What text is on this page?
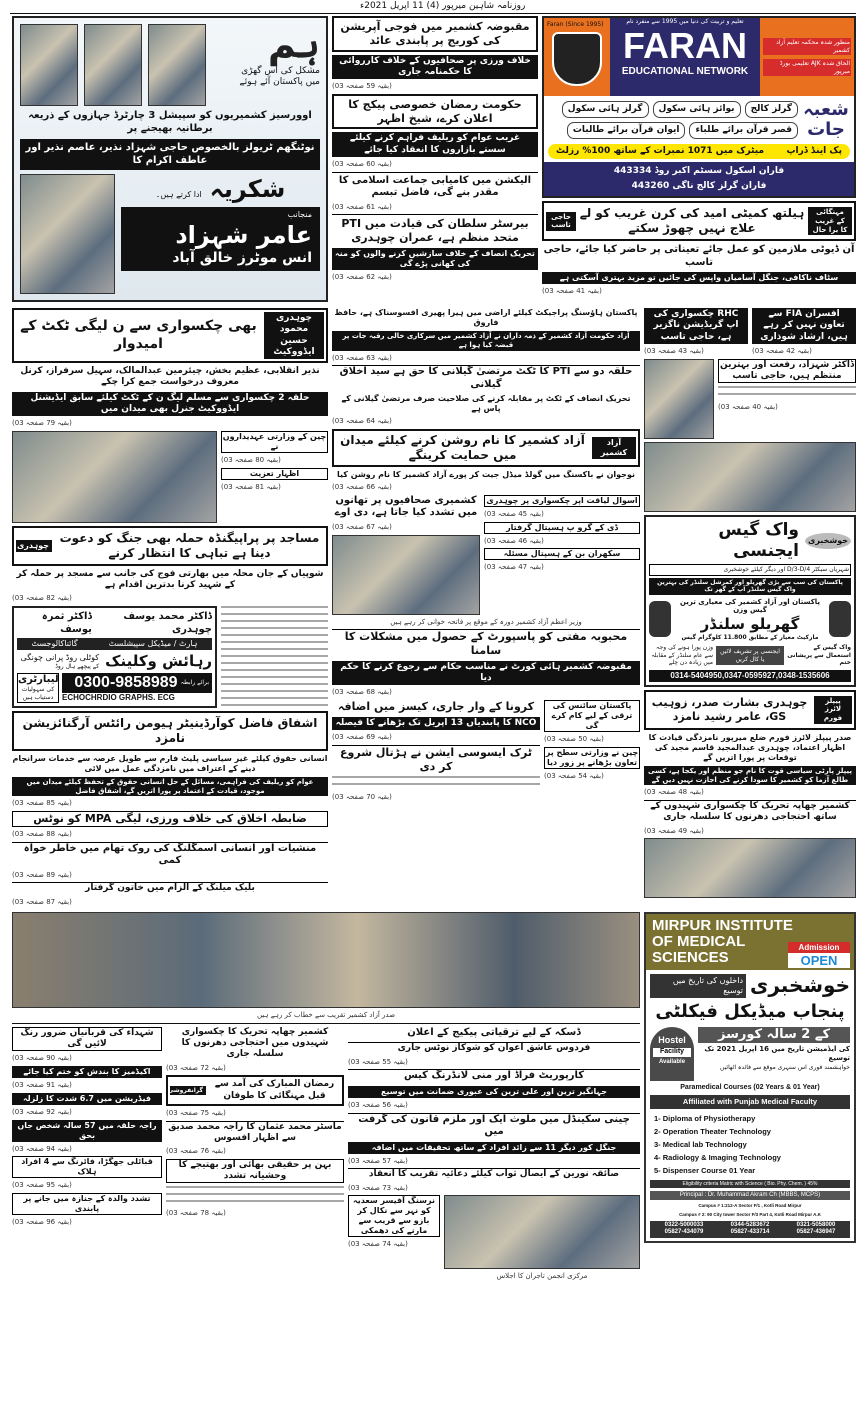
روزنامہ شاہین میرپور (4) 11 اپریل 2021ء
ہم
مشکل کی اس گھڑی
میں پاکستان آئے ہوئے
اوورسیز کشمیریوں کو سپیشل 3 چارٹرڈ جہازوں کے ذریعہ برطانیہ بھیجنے پر
نوٹنگھم ٹریولز بالخصوص حاجی شہزاد نذیر، عاصم نذیر اور عاطف اکرام کا
شکریہ
ادا کرتے ہیں۔
منجانب
عامر شہزاد
انس موٹرز خالق آباد
مقبوضہ کشمیر میں فوجی آپریشن کی کوریج پر پابندی عائد
خلاف ورزی پر صحافیوں کے خلاف کارروائی کا حکمنامہ جاری
(بقیہ 59 صفحہ 03)
حکومت رمضان خصوصی پیکج کا اعلان کرے، شیخ اظہر
غریب عوام کو ریلیف فراہم کرنے کیلئے سستے بازاروں کا انعقاد کیا جائے
(بقیہ 60 صفحہ 03)
الیکشن میں کامیابی جماعت اسلامی کا مقدر بنے گی، فاضل تبسم
(بقیہ 61 صفحہ 03)
بیرسٹر سلطان کی قیادت میں PTI متحد منظم ہے، عمران چوہدری
تحریک انصاف کے خلاف سازشیں کرنے والوں کو منہ کی کھانی پڑے گی
(بقیہ 62 صفحہ 03)
Faran (Since 1995)	تعلیم و تربیت کی دنیا میں 1995 سے منفرد نام
FARAN
EDUCATIONAL NETWORK
منظور شدہ محکمہ تعلیم آزاد کشمیر
الحاق شدہ AJK تعلیمی بورڈ میرپور
شعبہ جات
گرلز کالج
بوائز ہائی سکول
گرلز ہائی سکول
قصر قرآن برائے طلباء
ایوان قرآن برائے طالبات
پک اینڈ ڈراپ
میٹرک میں 1071 نمبرات کے ساتھ 100% رزلٹ
فاران اسکول سسٹم اکبر روڈ 443334
فاران گرلز کالج ناگی 443260
مہنگائی کے غریب کا برا حال
ہیلتھ کمیٹی امید کی کرن غریب کو لے علاج نہیں چھوڑ سکتے
حاجی تاسب
آن ڈیوٹی ملازمین کو عمل جائے تعیناتی پر حاضر کیا جائے، حاجی تاسب
سٹاف ناکافی، جنگل آسامیاں واپس کی جائیں تو مزید بہتری آسکتی ہے
(بقیہ 41 صفحہ 03)
چوہدری محمود حسین ایڈووکیٹ
بھی چکسواری سے ن لیگی ٹکٹ کے امیدوار
نذیر انقلابی، عظیم بخش، چیئرمین عبدالمالک، سہیل سرفراز، کرنل معروف درخواست جمع کرا چکے
حلقہ 2 چکسواری سے مسلم لیگ ن کے ٹکٹ کیلئے سابق ایڈیشنل ایڈووکیٹ جنرل بھی میدان میں
(بقیہ 79 صفحہ 03)
چین کے وزارتی عہدیداروں نے
(بقیہ 80 صفحہ 03)
اظہار تعزیت
(بقیہ 81 صفحہ 03)
مساجد پر پراپیگنڈہ حملہ بھی جنگ کو دعوت دینا ہے تباہی کا انتظار کرنے
چوہدری
شوپیاں کے جان محلہ میں بھارتی فوج کی جانب سے مسجد پر حملہ کر کے شہید کرنا بدترین اقدام ہے
(بقیہ 82 صفحہ 03)
ڈاکٹر محمد یوسف چوہدری
ڈاکٹر ثمرہ یوسف
ہارٹ / میڈیکل سپیشلسٹ
گائناکالوجسٹ
رہائش وکلینک
کوٹلی روڈ پرانی چونگی
کے پیچھے ہال روڈ
لیبارٹری
کی سہولیات دستیاب ہیں
برائے رابطہ
0300-9858989
ECHOCHRDIO GRAPHS. ECG
اشفاق فاضل کوآرڈینیٹر ہیومن رائٹس آرگنائزیشن نامزد
انسانی حقوق کیلئے غیر سیاسی پلیٹ فارم سے طویل عرصہ سے خدمات سرانجام دینے کے اعتراف میں نامزدگی عمل میں لائی
عوام کو ریلیف کی فراہمی، مسائل کے حل انسانی حقوق کے تحفظ کیلئے میدان میں موجود، قیادت کے اعتماد پر پورا اتریں گے، اشفاق فاضل
(بقیہ 85 صفحہ 03)
ضابطہ اخلاق کی خلاف ورزی، لیگی MPA کو نوٹس
(بقیہ 88 صفحہ 03)
منشیات اور انسانی اسمگلنگ کی روک تھام میں خاطر خواہ کمی
(بقیہ 89 صفحہ 03)
بلیک میلنگ کے الزام میں خاتون گرفتار
(بقیہ 87 صفحہ 03)
پاکستان ہاؤسنگ پراجیکٹ کیلئے اراضی میں ہیرا پھیری افسوسناک ہے، حافظ فاروق
آزاد حکومت آزاد کشمیر کے ذمہ داران نے آزاد کشمیر میں سرکاری خالی رقبہ جات پر قبضہ کیا ہوا ہے
(بقیہ 63 صفحہ 03)
حلقہ دو سے PTI کا ٹکٹ مرتضیٰ گیلانی کا حق ہے سید اخلاق گیلانی
تحریک انصاف کے ٹکٹ پر مقابلہ کرنے کی صلاحیت صرف مرتضیٰ گیلانی کے پاس ہے
(بقیہ 64 صفحہ 03)
آزاد کشمیر
آزاد کشمیر کا نام روشن کرنے کیلئے میدان میں حمایت کرینگے
نوجوان نے باکسنگ میں گولڈ میڈل جیت کر پورے آزاد کشمیر کا نام روشن کیا
(بقیہ 66 صفحہ 03)
کشمیری صحافیوں پر تھانوں میں تشدد کیا جاتا ہے، دی اوے
(بقیہ 67 صفحہ 03)
اسوال لیاقت اپر چکسواری پر چوہدری
(بقیہ 45 صفحہ 03)
ڈی کے گرو پ ہسپتال گرفتار
(بقیہ 46 صفحہ 03)
سکھران بن کے ہسپتال مسئلہ
(بقیہ 47 صفحہ 03)
وزیر اعظم آزاد کشمیر دورہ کے موقع پر فاتحہ خوانی کر رہے ہیں
محبوبہ مفتی کو پاسپورٹ کے حصول میں مشکلات کا سامنا
مقبوضہ کشمیر ہائی کورٹ نے مناسب حکام سے رجوع کرنے کا حکم دیا
(بقیہ 68 صفحہ 03)
کرونا کے وار جاری، کیسز میں اضافہ
NCO کا پابندیاں 13 اپریل تک بڑھانے کا فیصلہ
(بقیہ 69 صفحہ 03)
ٹرک ایسوسی ایشن نے ہڑتال شروع کر دی
(بقیہ 70 صفحہ 03)
پاکستان سائنس کی ترقی کے لیے کام کرے گی
(بقیہ 50 صفحہ 03)
چین نے وزارتی سطح پر تعاون بڑھانے پر زور دیا
(بقیہ 54 صفحہ 03)
افسران FIA سے تعاون نہیں کر رہے ہیں، ارشاد شوذاری
(بقیہ 42 صفحہ 03)
RHC چکسواری کی اپ گریڈیشن ناگزیر ہے، حاجی تاسب
(بقیہ 43 صفحہ 03)
ڈاکٹر شہزاد، رفعت اور بہترین منتظم ہیں، حاجی تاسب
(بقیہ 40 صفحہ 03)
خوشخبری
واک گیس ایجنسی
شہریان سیکٹر D/3-D/4 اور دیگر کیلئے خوشخبری
پاکستان کی سب سے بڑی گھریلو اور کمرشل سلنڈر کی بہترین واک گیس سلنڈر آپ کے گھر تک
پاکستان اور آزاد کشمیر کی معیاری ترین گیس وزن
گھریلو سلنڈر
مارکیٹ معیار کے مطابق 11.800 کلوگرام گیس
واک گیس کے استعمال سے پریشانی ختم
ایجنسی پر تشریف لائیں یا کال کریں
وزن پورا ہونے کی وجہ سے عام سلنڈر کے مقابلہ میں زیادہ دن چلے
0314-5404950,0347-0595927,0348-1535606
پیپلز لائرز فورم
چوہدری بشارت صدر، زوہیب GS، عامر رشید نامزد
صدر پیپلز لائرز فورم ضلع میرپور نامزدگی قیادت کا اظہار اعتماد، چوہدری عبدالمجید قاسم مجید کی توقعات پر پورا اتریں گے
پیپلز پارٹی سیاسی قوت کا نام جو منظم اور یکجا ہے، کسی طالع آزما کو کشمیر کا سودا کرنے کی اجازت نہیں دیں گے
(بقیہ 48 صفحہ 03)
کشمیر چھاپہ تحریک کا چکسواری شہیدوں کے ساتھ احتجاجی دھرنوں کا سلسلہ جاری
(بقیہ 49 صفحہ 03)
صدر آزاد کشمیر تقریب سے خطاب کر رہے ہیں
شہداء کی قربانیاں ضرور رنگ لائیں گی
(بقیہ 90 صفحہ 03)
اکیڈمیز کا بندش کو ختم کیا جائے
(بقیہ 91 صفحہ 03)
فیڈریشن میں 6.7 شدت کا زلزلہ
(بقیہ 92 صفحہ 03)
راجہ حلقہ میں 57 سالہ شخص جاں بحق
(بقیہ 94 صفحہ 03)
قبائلی جھگڑا، فائرنگ سے 4 افراد ہلاک
(بقیہ 95 صفحہ 03)
تشدد والدہ کے جنازہ میں جانے پر پابندی
(بقیہ 96 صفحہ 03)
کشمیر چھاپہ تحریک کا چکسواری شہیدوں میں احتجاجی دھرنوں کا سلسلہ جاری
(بقیہ 72 صفحہ 03)
رمضان المبارک کی آمد سے قبل مہنگائی کا طوفان
گرانفروشی
(بقیہ 75 صفحہ 03)
ماسٹر محمد عثمان کا راجہ محمد صدیق سے اظہار افسوس
(بقیہ 76 صفحہ 03)
بہن پر حقیقی بھائی اور بھتیجے کا وحشیانہ تشدد
(بقیہ 78 صفحہ 03)
ڈسکہ کے لیے ترقیاتی پیکیج کے اعلان
فردوس عاشق اعوان کو شوکاز نوٹس جاری
(بقیہ 55 صفحہ 03)
کارپوریٹ فراڈ اور منی لانڈرنگ کیس
جہانگیر ترین اور علی ترین کی عبوری ضمانت میں توسیع
(بقیہ 56 صفحہ 03)
چینی سکینڈل میں ملوث ایک اور ملزم قانون کی گرفت میں
جنگل کور دیگر 11 سے زائد افراد کے ساتھ تحقیقات میں اضافہ
(بقیہ 57 صفحہ 03)
صائقہ نورین کے ایصال ثواب کیلئے دعائیہ تقریب کا انعقاد
(بقیہ 73 صفحہ 03)
نرسنگ آفیسر سعدیہ کو نہر سے نکال کر بازو سے قریب سے مارنے کی دھمکی
(بقیہ 74 صفحہ 03)
مرکزی انجمن تاجران کا اجلاس
MIRPUR INSTITUTE
OF MEDICAL
SCIENCES
Admission
OPEN
خوشخبری
داخلوں کی تاریخ میں توسیع
پنجاب میڈیکل فیکلٹی
Hostel
Facility
Available
کے 2 سالہ کورسز
کی ایڈمیشن تاریخ میں 16 اپریل 2021 تک توسیع
خواہشمند فوری اس سنہری موقع سے فائدہ اٹھائیں
Paramedical Courses (02 Years & 01 Year)
Affiliated with Punjab Medical Faculty
1- Diploma of Physiotherapy
2- Operation Theater Technology
3- Medical lab Technology
4- Radiology & Imaging Technology
5- Dispenser Course 01 Year
Eligibility criteria Matric with Science ( Bio. Phy. Chem. ) 45%
Principal : Dr. Muhammad Akram Ch (MBBS, MCPS)
Campus # 1:212-A Sector F/1 , Kotli Road Mirpur
Campus # 2: 90 City tower Sector F/3 Part 4, Kotli Road Mirpur A.K
0322-5000033	0344-5283672	0321-5058000
05827-434079	05827-433714	05827-436947
